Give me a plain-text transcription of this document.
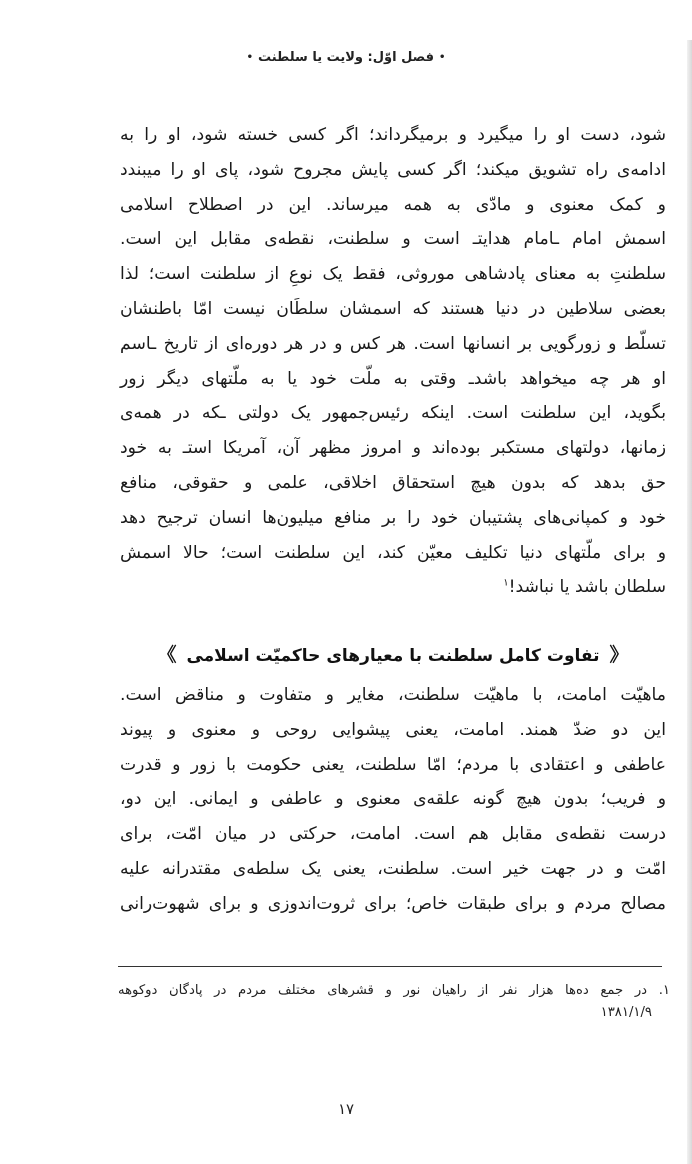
•فصل اوّل: ولایت یا سلطنت•
شود، دست او را میگیرد و برمیگرداند؛ اگر کسی خسته شود، او را به
ادامه‌ی راه تشویق میکند؛ اگر کسی پایش مجروح شود، پای او را میبندد
و کمک معنوی و مادّی به همه میرساند. این در اصطلاح اسلامی
اسمش امام ـامام هدایتـ است و سلطنت، نقطه‌ی مقابل این است.
سلطنتِ به معنای پادشاهی موروثی، فقط یک نوعِ از سلطنت است؛ لذا
بعضی سلاطین در دنیا هستند که اسمشان سلطَان نیست امّا باطنشان
تسلّط و زورگویی بر انسانها است. هر کس و در هر دوره‌ای از تاریخ ـاسم
او هر چه میخواهد باشدـ وقتی به ملّت خود یا به ملّتهای دیگر زور
بگوید، این سلطنت است. اینکه رئیس‌جمهور یک دولتی ـکه در همه‌ی
زمانها، دولتهای مستکبر بوده‌اند و امروز مظهر آن، آمریکا استـ به خود
حق بدهد که بدون هیچ استحقاق اخلاقی، علمی و حقوقی، منافع
خود و کمپانی‌های پشتیبان خود را بر منافع میلیون‌ها انسان ترجیح دهد
و برای ملّتهای دنیا تکلیف معیّن کند، این سلطنت است؛ حالا اسمش
سلطان باشد یا نباشد!$^۱$
《 تفاوت کامل سلطنت با معیارهای حاکمیّت اسلامی 》
ماهیّت امامت، با ماهیّت سلطنت، مغایر و متفاوت و مناقض است.
این دو ضدّ همند. امامت، یعنی پیشوایی روحی و معنوی و پیوند
عاطفی و اعتقادی با مردم؛ امّا سلطنت، یعنی حکومت با زور و قدرت
و فریب؛ بدون هیچ گونه علقه‌ی معنوی و عاطفی و ایمانی. این دو،
درست نقطه‌ی مقابل هم است. امامت، حرکتی در میان امّت، برای
امّت و در جهت خیر است. سلطنت، یعنی یک سلطه‌ی مقتدرانه علیه
مصالح مردم و برای طبقات خاص؛ برای ثروت‌اندوزی و برای شهوت‌رانی
۱. در جمع ده‌ها هزار نفر از راهیان نور و قشرهای مختلف مردم در پادگان دوکوهه
۱۳۸۱/۱/۹
۱۷
